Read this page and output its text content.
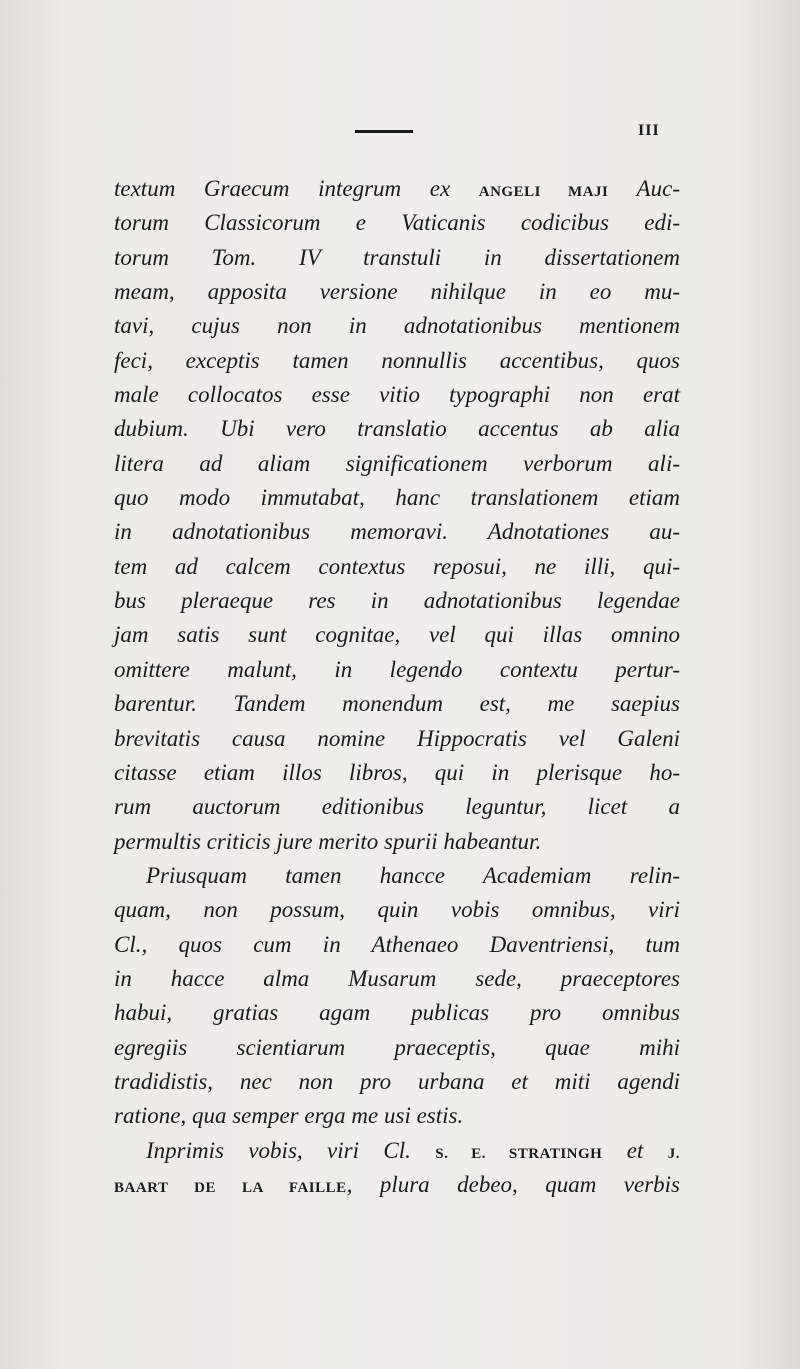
III
textum Graecum integrum ex ANGELI MAJI Auc-
torum Classicorum e Vaticanis codicibus edi-
torum Tom. IV transtuli in dissertationem
meam, apposita versione nihilque in eo mu-
tavi, cujus non in adnotationibus mentionem
feci, exceptis tamen nonnullis accentibus, quos
male collocatos esse vitio typographi non erat
dubium. Ubi vero translatio accentus ab alia
litera ad aliam significationem verborum ali-
quo modo immutabat, hanc translationem etiam
in adnotationibus memoravi. Adnotationes au-
tem ad calcem contextus reposui, ne illi, qui-
bus pleraeque res in adnotationibus legendae
jam satis sunt cognitae, vel qui illas omnino
omittere malunt, in legendo contextu pertur-
barentur. Tandem monendum est, me saepius
brevitatis causa nomine Hippocratis vel Galeni
citasse etiam illos libros, qui in plerisque ho-
rum auctorum editionibus leguntur, licet a
permultis criticis jure merito spurii habeantur.
Priusquam tamen hancce Academiam relin-
quam, non possum, quin vobis omnibus, viri
Cl., quos cum in Athenaeo Daventriensi, tum
in hacce alma Musarum sede, praeceptores
habui, gratias agam publicas pro omnibus
egregiis scientiarum praeceptis, quae mihi
tradidistis, nec non pro urbana et miti agendi
ratione, qua semper erga me usi estis.
Inprimis vobis, viri Cl. S. E. STRATINGH et J.
BAART DE LA FAILLE, plura debeo, quam verbis
